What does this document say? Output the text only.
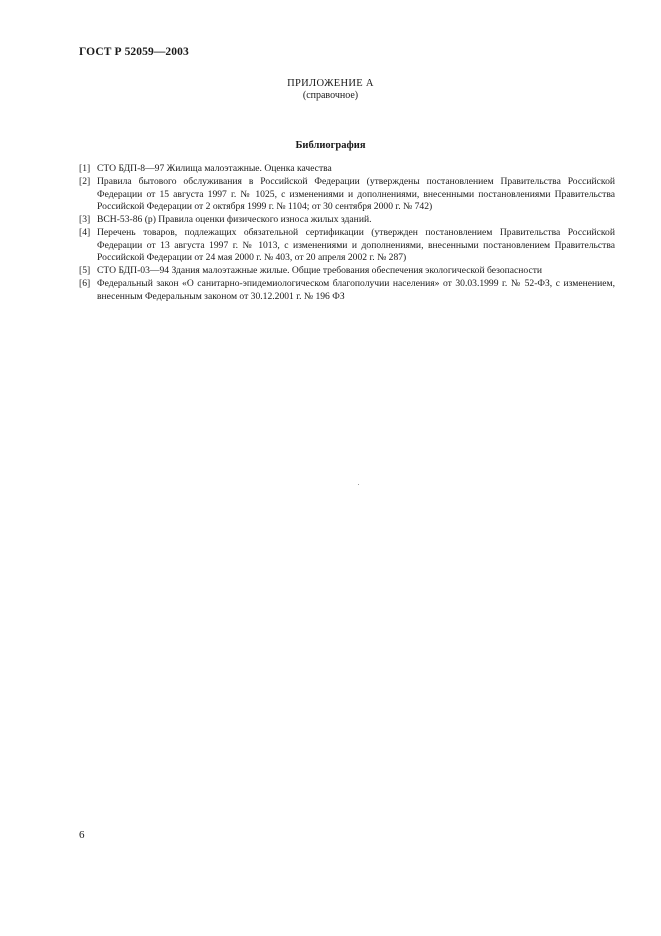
ГОСТ Р 52059—2003
ПРИЛОЖЕНИЕ А
(справочное)
Библиография
[1] СТО БДП-8—97 Жилища малоэтажные. Оценка качества
[2] Правила бытового обслуживания в Российской Федерации (утверждены постановлением Правительства Российской Федерации от 15 августа 1997 г. № 1025, с изменениями и дополнениями, внесенными постановлениями Правительства Российской Федерации от 2 октября 1999 г. № 1104; от 30 сентября 2000 г. № 742)
[3] ВСН-53-86 (р) Правила оценки физического износа жилых зданий.
[4] Перечень товаров, подлежащих обязательной сертификации (утвержден постановлением Правительства Российской Федерации от 13 августа 1997 г. № 1013, с изменениями и дополнениями, внесенными постановлением Правительства Российской Федерации от 24 мая 2000 г. № 403, от 20 апреля 2002 г. № 287)
[5] СТО БДП-03—94 Здания малоэтажные жилые. Общие требования обеспечения экологической безопасности
[6] Федеральный закон «О санитарно-эпидемиологическом благополучии населения» от 30.03.1999 г. № 52-ФЗ, с изменением, внесенным Федеральным законом от 30.12.2001 г. № 196 ФЗ
6
